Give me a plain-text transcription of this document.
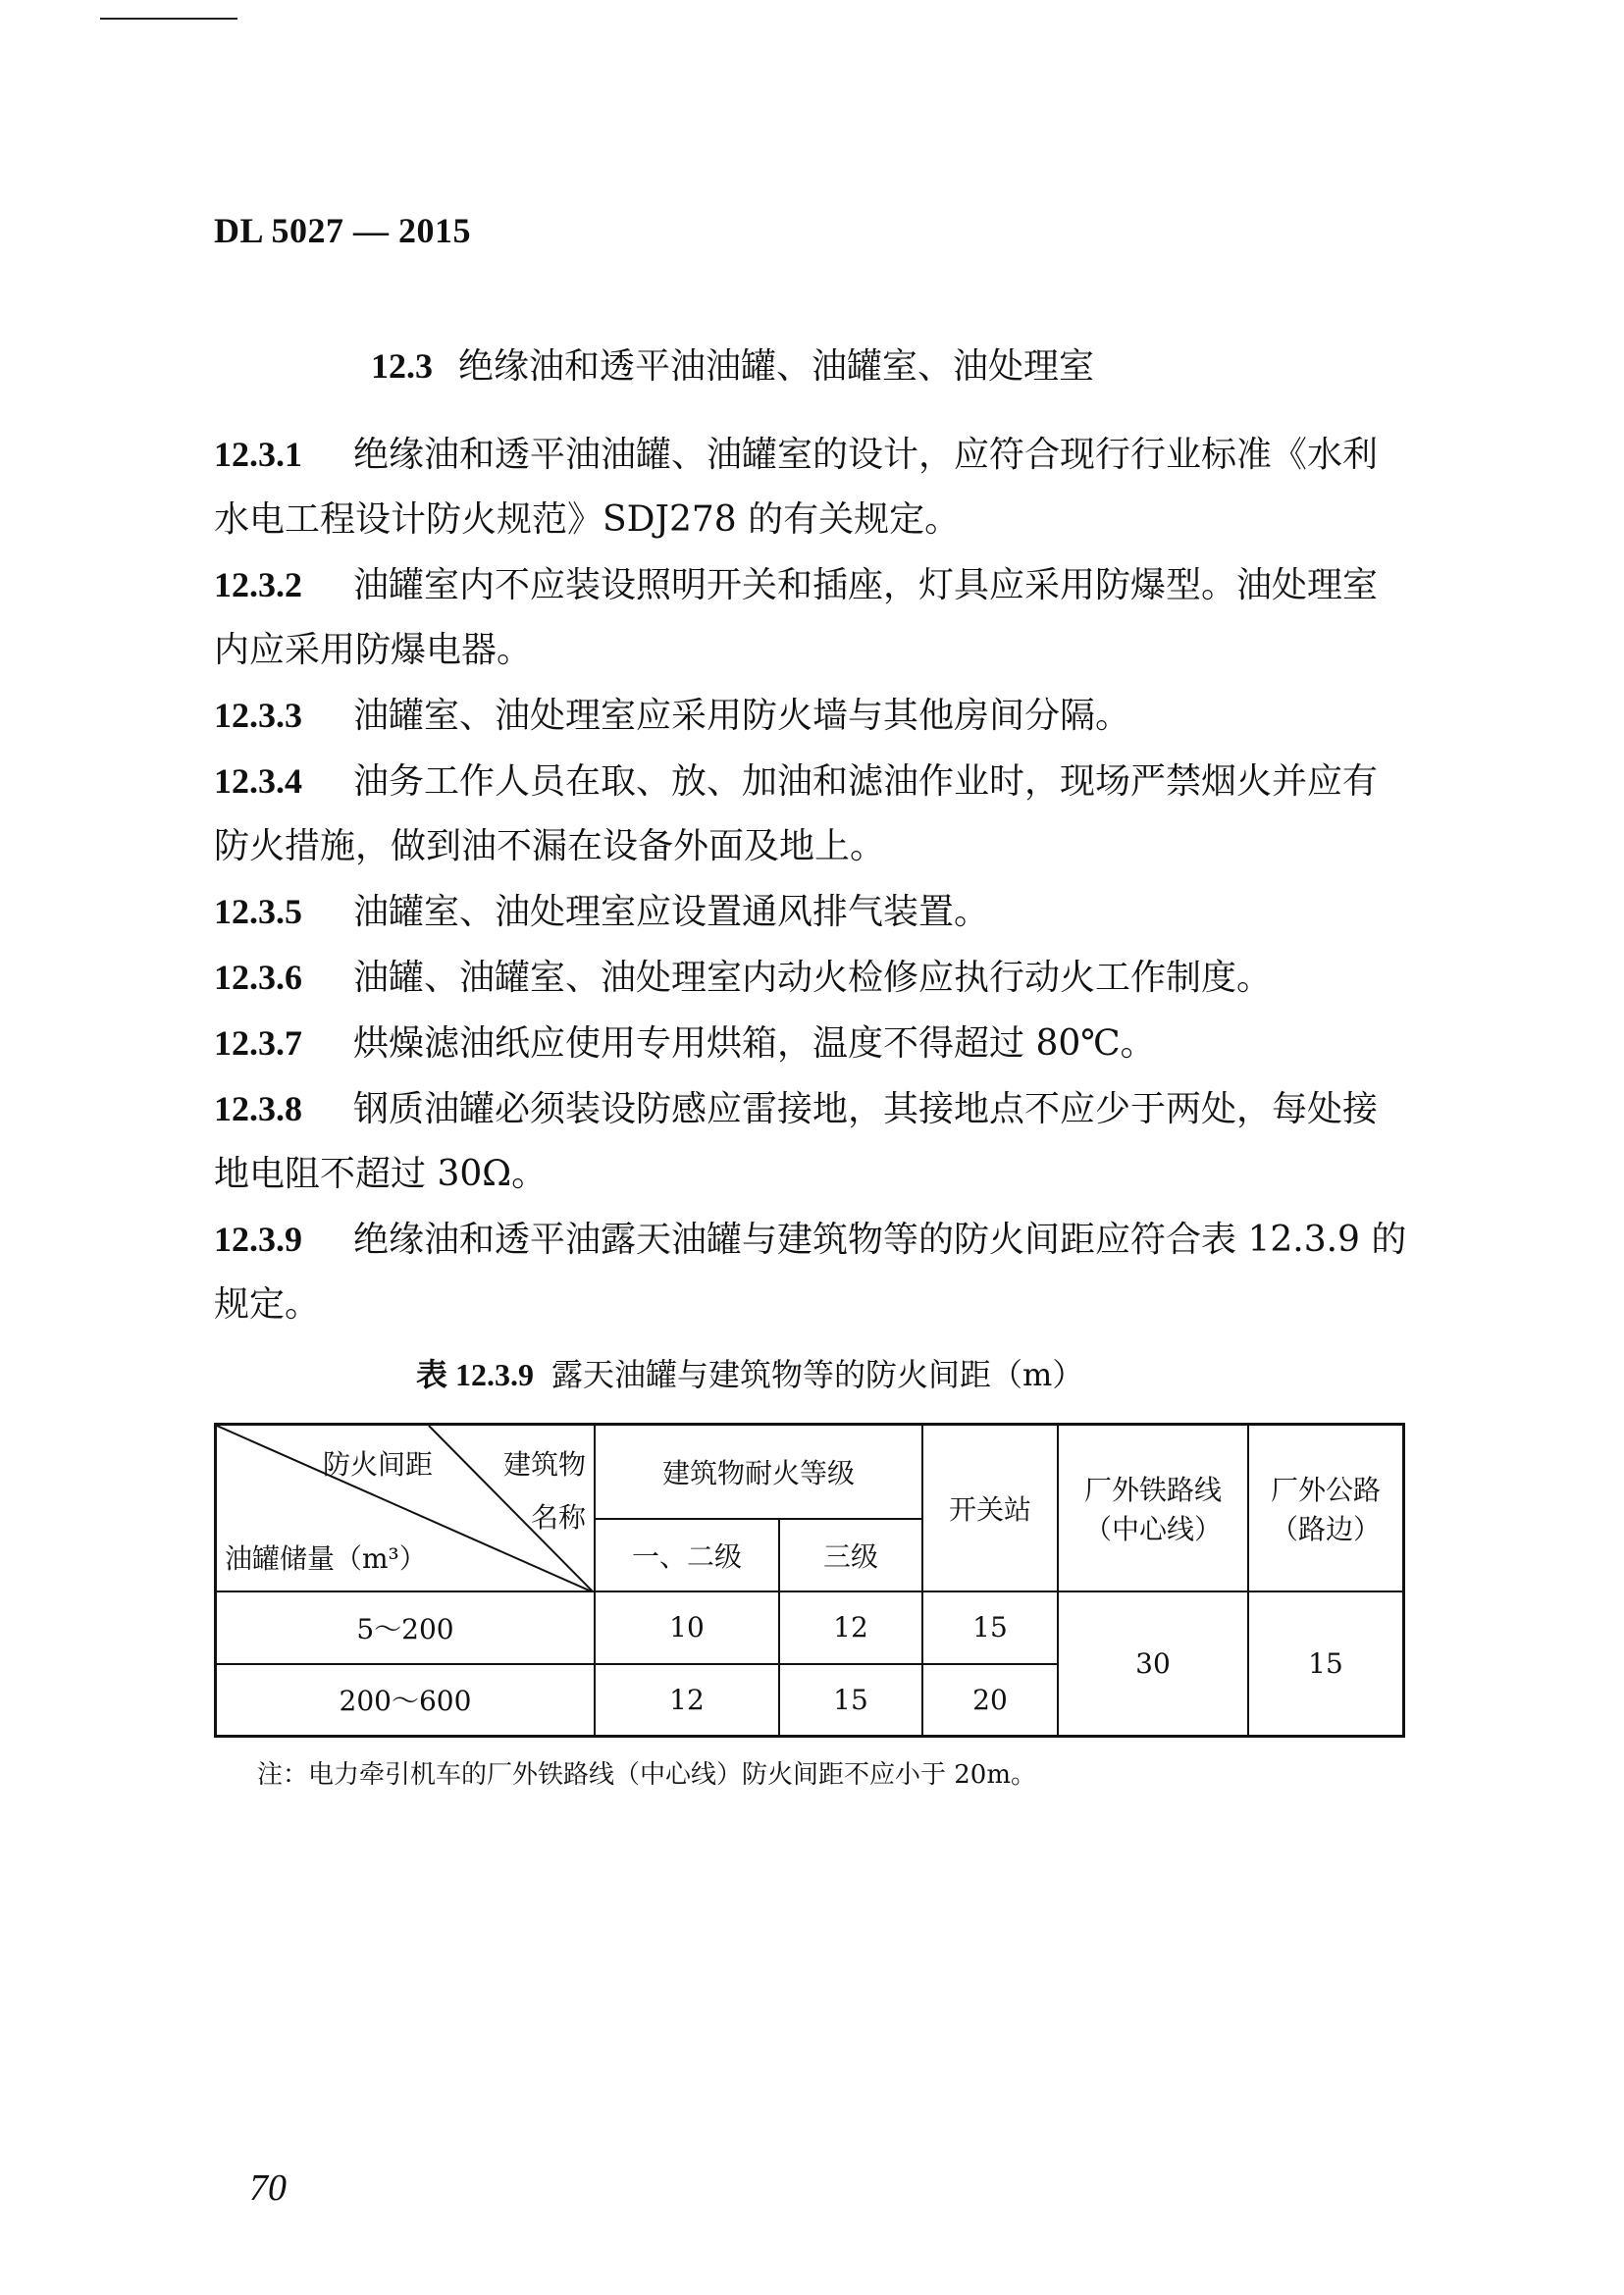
DL 5027 — 2015
12.3 绝缘油和透平油油罐、油罐室、油处理室

12.3.1 绝缘油和透平油油罐、油罐室的设计，应符合现行行业标准《水利水电工程设计防火规范》SDJ278 的有关规定。

12.3.2 油罐室内不应装设照明开关和插座，灯具应采用防爆型。油处理室内应采用防爆电器。

12.3.3 油罐室、油处理室应采用防火墙与其他房间分隔。

12.3.4 油务工作人员在取、放、加油和滤油作业时，现场严禁烟火并应有防火措施，做到油不漏在设备外面及地上。

12.3.5 油罐室、油处理室应设置通风排气装置。

12.3.6 油罐、油罐室、油处理室内动火检修应执行动火工作制度。

12.3.7 烘燥滤油纸应使用专用烘箱，温度不得超过 80℃。

12.3.8 钢质油罐必须装设防感应雷接地，其接地点不应少于两处，每处接地电阻不超过 30Ω。

12.3.9 绝缘油和透平油露天油罐与建筑物等的防火间距应符合表 12.3.9 的规定。

表 12.3.9 露天油罐与建筑物等的防火间距（m）
防火间距 建筑物
名称
油罐储量（m³）	建筑物耐火等级		开关站	厂外铁路线（中心线）	厂外公路（路边）
	一、二级	三级			
5～200	10	12	15	30	15
200～600	12	15	20		
注：电力牵引机车的厂外铁路线（中心线）防火间距不应小于 20m。
70
